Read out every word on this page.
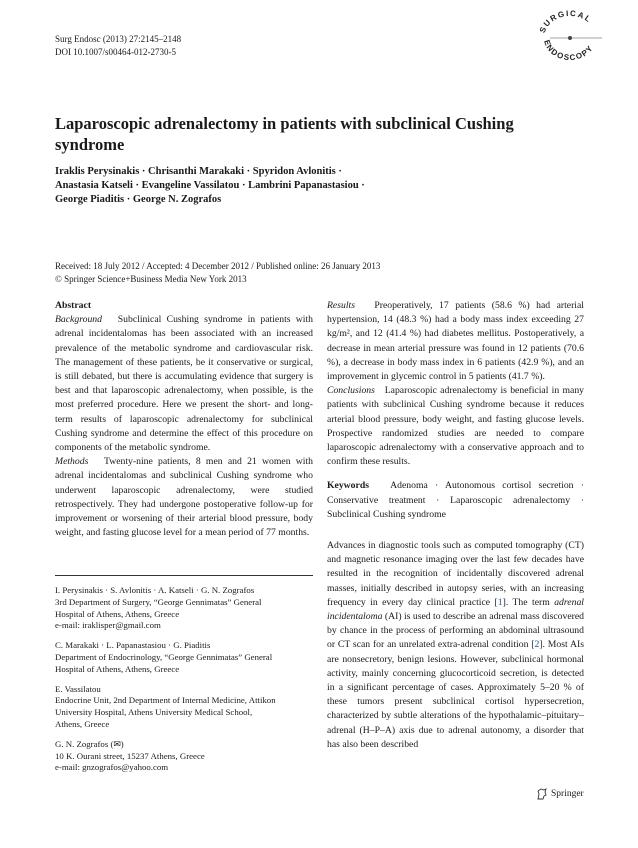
Surg Endosc (2013) 27:2145–2148
DOI 10.1007/s00464-012-2730-5
SURGICAL
ENDOSCOPY
Laparoscopic adrenalectomy in patients with subclinical Cushing syndrome
Iraklis Perysinakis · Chrisanthi Marakaki · Spyridon Avlonitis ·
Anastasia Katseli · Evangeline Vassilatou · Lambrini Papanastasiou ·
George Piaditis · George N. Zografos
Received: 18 July 2012 / Accepted: 4 December 2012 / Published online: 26 January 2013
© Springer Science+Business Media New York 2013

Abstract

Background Subclinical Cushing syndrome in patients with adrenal incidentalomas has been associated with an increased prevalence of the metabolic syndrome and cardiovascular risk. The management of these patients, be it conservative or surgical, is still debated, but there is accumulating evidence that surgery is best and that laparoscopic adrenalectomy, when possible, is the most preferred procedure. Here we present the short- and long-term results of laparoscopic adrenalectomy for subclinical Cushing syndrome and determine the effect of this procedure on components of the metabolic syndrome.

Methods Twenty-nine patients, 8 men and 21 women with adrenal incidentalomas and subclinical Cushing syndrome who underwent laparoscopic adrenalectomy, were studied retrospectively. They had undergone postoperative follow-up for improvement or worsening of their arterial blood pressure, body weight, and fasting glucose level for a mean period of 77 months.

I. Perysinakis · S. Avlonitis · A. Katseli · G. N. Zografos
3rd Department of Surgery, “George Gennimatas” General
Hospital of Athens, Athens, Greece
e-mail: iraklisper@gmail.com

C. Marakaki · L. Papanastasiou · G. Piaditis
Department of Endocrinology, “George Gennimatas” General
Hospital of Athens, Athens, Greece

E. Vassilatou
Endocrine Unit, 2nd Department of Internal Medicine, Attikon
University Hospital, Athens University Medical School,
Athens, Greece

G. N. Zografos (✉)
10 K. Ourani street, 15237 Athens, Greece
e-mail: gnzografos@yahoo.com

Results Preoperatively, 17 patients (58.6 %) had arterial hypertension, 14 (48.3 %) had a body mass index exceeding 27 kg/m², and 12 (41.4 %) had diabetes mellitus. Postoperatively, a decrease in mean arterial pressure was found in 12 patients (70.6 %), a decrease in body mass index in 6 patients (42.9 %), and an improvement in glycemic control in 5 patients (41.7 %).

Conclusions Laparoscopic adrenalectomy is beneficial in many patients with subclinical Cushing syndrome because it reduces arterial blood pressure, body weight, and fasting glucose levels. Prospective randomized studies are needed to compare laparoscopic adrenalectomy with a conservative approach and to confirm these results.

Keywords Adenoma · Autonomous cortisol secretion · Conservative treatment · Laparoscopic adrenalectomy · Subclinical Cushing syndrome

Advances in diagnostic tools such as computed tomography (CT) and magnetic resonance imaging over the last few decades have resulted in the recognition of incidentally discovered adrenal masses, initially described in autopsy series, with an increasing frequency in every day clinical practice [1]. The term adrenal incidentaloma (AI) is used to describe an adrenal mass discovered by chance in the process of performing an abdominal ultrasound or CT scan for an unrelated extra-adrenal condition [2]. Most AIs are nonsecretory, benign lesions. However, subclinical hormonal activity, mainly concerning glucocorticoid secretion, is detected in a significant percentage of cases. Approximately 5–20 % of these tumors present subclinical cortisol hypersecretion, characterized by subtle alterations of the hypothalamic–pituitary–adrenal (H–P–A) axis due to adrenal autonomy, a disorder that has also been described

Springer
